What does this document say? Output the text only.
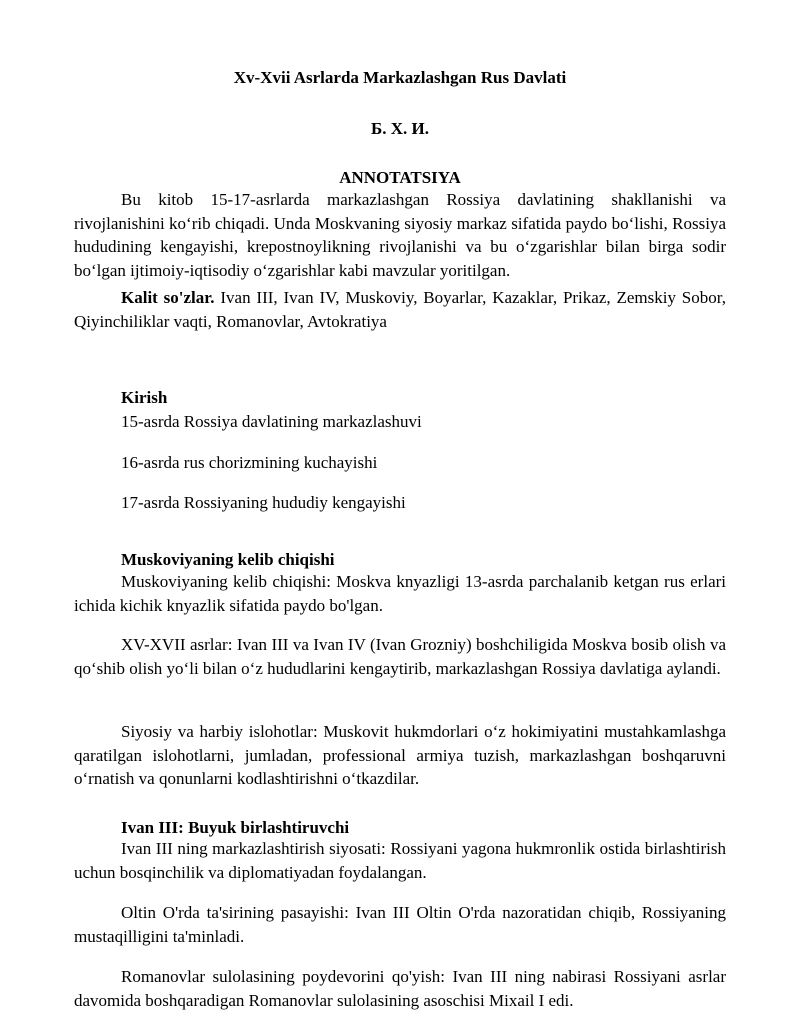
Xv-Xvii Asrlarda Markazlashgan Rus Davlati
Б. Х. И.
ANNOTATSIYA

Bu kitob 15-17-asrlarda markazlashgan Rossiya davlatining shakllanishi va rivojlanishini ko‘rib chiqadi. Unda Moskvaning siyosiy markaz sifatida paydo bo‘lishi, Rossiya hududining kengayishi, krepostnoylikning rivojlanishi va bu o‘zgarishlar bilan birga sodir bo‘lgan ijtimoiy-iqtisodiy o‘zgarishlar kabi mavzular yoritilgan.

Kalit so'zlar. Ivan III, Ivan IV, Muskoviy, Boyarlar, Kazaklar, Prikaz, Zemskiy Sobor, Qiyinchiliklar vaqti, Romanovlar, Avtokratiya

Kirish

15-asrda Rossiya davlatining markazlashuvi

16-asrda rus chorizmining kuchayishi

17-asrda Rossiyaning hududiy kengayishi

Muskoviyaning kelib chiqishi

Muskoviyaning kelib chiqishi: Moskva knyazligi 13-asrda parchalanib ketgan rus erlari ichida kichik knyazlik sifatida paydo bo'lgan.

XV-XVII asrlar: Ivan III va Ivan IV (Ivan Grozniy) boshchiligida Moskva bosib olish va qo‘shib olish yo‘li bilan o‘z hududlarini kengaytirib, markazlashgan Rossiya davlatiga aylandi.

Siyosiy va harbiy islohotlar: Muskovit hukmdorlari o‘z hokimiyatini mustahkamlashga qaratilgan islohotlarni, jumladan, professional armiya tuzish, markazlashgan boshqaruvni o‘rnatish va qonunlarni kodlashtirishni o‘tkazdilar.

Ivan III: Buyuk birlashtiruvchi

Ivan III ning markazlashtirish siyosati: Rossiyani yagona hukmronlik ostida birlashtirish uchun bosqinchilik va diplomatiyadan foydalangan.

Oltin O'rda ta'sirining pasayishi: Ivan III Oltin O'rda nazoratidan chiqib, Rossiyaning mustaqilligini ta'minladi.

Romanovlar sulolasining poydevorini qo'yish: Ivan III ning nabirasi Rossiyani asrlar davomida boshqaradigan Romanovlar sulolasining asoschisi Mixail I edi.
